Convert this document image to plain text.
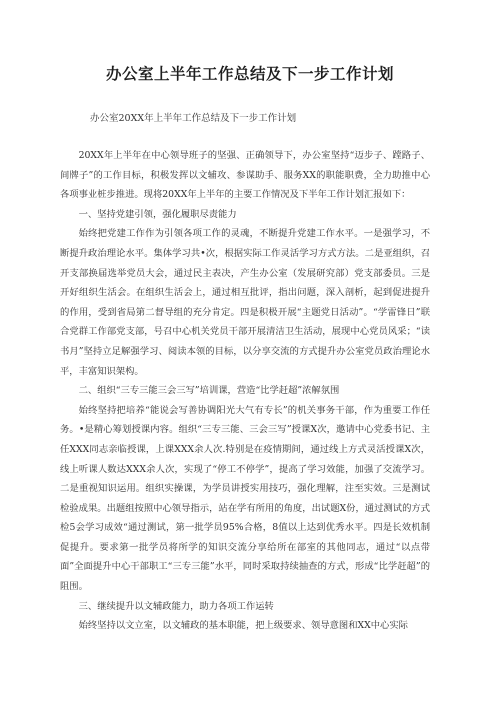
办公室上半年工作总结及下一步工作计划
办公室20XX年上半年工作总结及下一步工作计划

20XX年上半年在中心领导班子的坚强、正确领导下，办公室坚持“迈步子、蹚路子、间牌子”的工作目标，积极发挥以文辅攻、参谋助手、服务XX的职能职费，全力助推中心各项事业桩步推进。现将20XX年上半年的主要工作情况及下半年工作计划汇报如下：

一、坚持党建引领，强化履职尽责能力

始终把党建工作作为引领各项工作的灵魂，不断提升党建工作水平。一是强学习，不断提升政治理论水平。集体学习共•次，根据实际工作灵活学习方式方法。二是亚组织，召开支部换届选举党员大会，通过民主表决，产生办公室（发展研究部）党支部委员。三是开好组织生活会。在组织生活会上，通过相互批评，指出问题，深入剖析，起到促进提升的作用，受到省局第二督导组的充分肯定。四是积极开展“主题党日活动”。“学雷锋日”联合党群工作部党支部，号召中心机关党员干部开展清洁卫生活动，展现中心党员风采；“读书月”坚持立足解强学习、阅读本领的目标，以分享交流的方式提升办公室党员政治理论水平，丰富知识架构。

二、组织“三专三能三会三写”培训课，营造“比学赶超”浓解氛围

始终坚持把培养“能说会写善协调阳光大气有专长”的机关事务干部，作为重要工作任务。•是精心筹划授课内容。组织“三专三能、三会三写”授课X次，邀请中心党委书记、主任XXX同志亲临授课，上课XXX余人次.特别是在疫情期间，通过线上方式灵活授课X次，线上听课人数达XXX余人次，实现了“停工不停学”，提高了学习效能，加强了交流学习。二是重视知识运用。组织实操课，为学员讲授实用技巧，强化理解，注至实效。三是测试检验成果。出题组按照中心领导指示，站在学有所用的角度，出试题X份，通过测试的方式检5会学习成效“通过测试，第一批学员95%合格，8值以上达到优秀水平。四是长效机制促提升。要求第一批学员将所学的知识交流分享给所在部室的其他同志，通过“以点带面”全面提升中心干部职工“三专三能”水平，同时采取持续抽查的方式，形成“比学赶超”的阻围。

三、继续提升以文辅政能力，助力各项工作运转

始终坚持以文立室，以文辅政的基本职能，把上级要求、领导意图和XX中心实际
